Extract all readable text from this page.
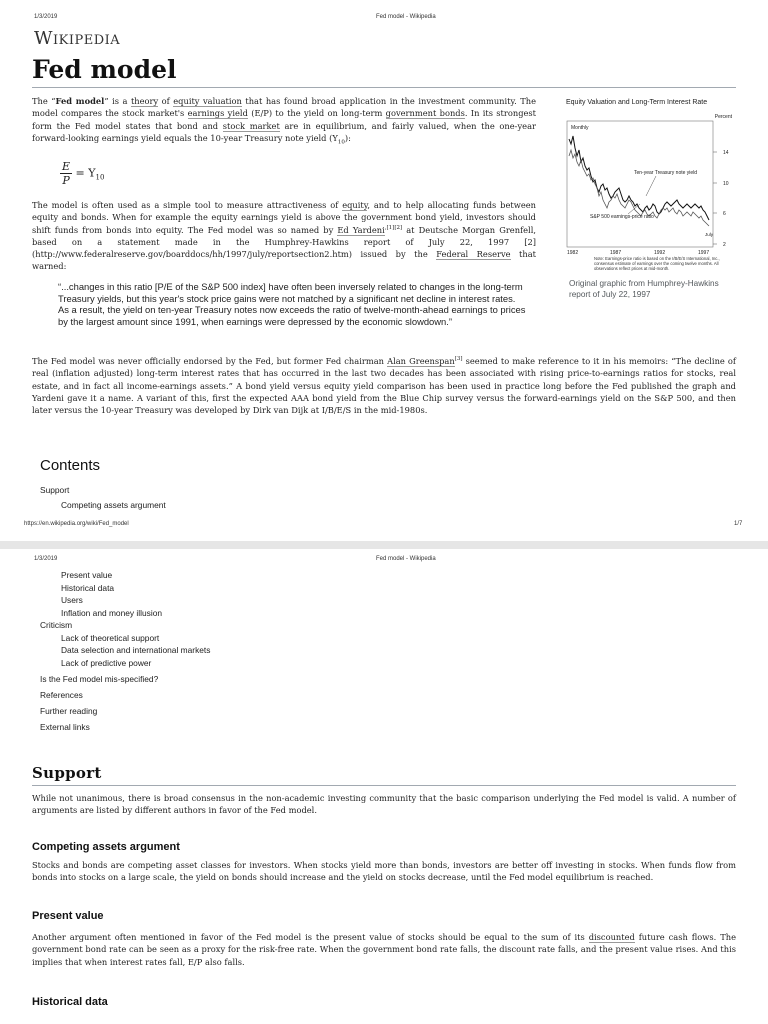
1/3/2019	Fed model - Wikipedia
Wikipedia
Fed model
The “Fed model” is a theory of equity valuation that has found broad application in the investment community. The model compares the stock market's earnings yield (E/P) to the yield on long-term government bonds. In its strongest form the Fed model states that bond and stock market are in equilibrium, and fairly valued, when the one-year forward-looking earnings yield equals the 10-year Treasury note yield $(Y_{10})$:
$\frac{E}{P} = Y_{10}$
The model is often used as a simple tool to measure attractiveness of equity, and to help allocating funds between equity and bonds. When for example the equity earnings yield is above the government bond yield, investors should shift funds from bonds into equity. The Fed model was so named by Ed Yardeni$^{,[1][2]}$ at Deutsche Morgan Grenfell, based on a statement made in the Humphrey-Hawkins report of July 22, 1997 [2] (http://www.federalreserve.gov/boarddocs/hh/1997/july/reportsection2.htm) issued by the Federal Reserve that warned:
“...changes in this ratio [P/E of the S&P 500 index] have often been inversely related to changes in the long-term Treasury yields, but this year's stock price gains were not matched by a significant net decline in interest rates. As a result, the yield on ten-year Treasury notes now exceeds the ratio of twelve-month-ahead earnings to prices by the largest amount since 1991, when earnings were depressed by the economic slowdown.”
The Fed model was never officially endorsed by the Fed, but former Fed chairman Alan Greenspan[3] seemed to make reference to it in his memoirs: “The decline of real (inflation adjusted) long-term interest rates that has occurred in the last two decades has been associated with rising price-to-earnings ratios for stocks, real estate, and in fact all income-earnings assets.” A bond yield versus equity yield comparison has been used in practice long before the Fed published the graph and Yardeni gave it a name. A variant of this, first the expected AAA bond yield from the Blue Chip survey versus the forward-earnings yield on the S&P 500, and then later versus the 10-year Treasury was developed by Dirk van Dijk at I/B/E/S in the mid-1980s.
Equity Valuation and Long-Term Interest Rate
Percent
Monthly
14
10
6
2
Ten-year Treasury note yield
S&P 500 earnings-price ratio
July
1982	1987	1992	1997
Note: Earnings-price ratio is based on the I/B/E/S International, Inc., consensus estimate of earnings over the coming twelve months. All observations reflect prices at mid-month.
Original graphic from Humphrey-Hawkins report of July 22, 1997
Contents
Support
Competing assets argument
https://en.wikipedia.org/wiki/Fed_model	1/7
1/3/2019	Fed model - Wikipedia
Present value
Historical data
Users
Inflation and money illusion
Criticism
Lack of theoretical support
Data selection and international markets
Lack of predictive power
Is the Fed model mis-specified?
References
Further reading
External links
Support
While not unanimous, there is broad consensus in the non-academic investing community that the basic comparison underlying the Fed model is valid. A number of arguments are listed by different authors in favor of the Fed model.
Competing assets argument
Stocks and bonds are competing asset classes for investors. When stocks yield more than bonds, investors are better off investing in stocks. When funds flow from bonds into stocks on a large scale, the yield on bonds should increase and the yield on stocks decrease, until the Fed model equilibrium is reached.
Present value
Another argument often mentioned in favor of the Fed model is the present value of stocks should be equal to the sum of its discounted future cash flows. The government bond rate can be seen as a proxy for the risk-free rate. When the government bond rate falls, the discount rate falls, and the present value rises. And this implies that when interest rates fall, E/P also falls.
Historical data
